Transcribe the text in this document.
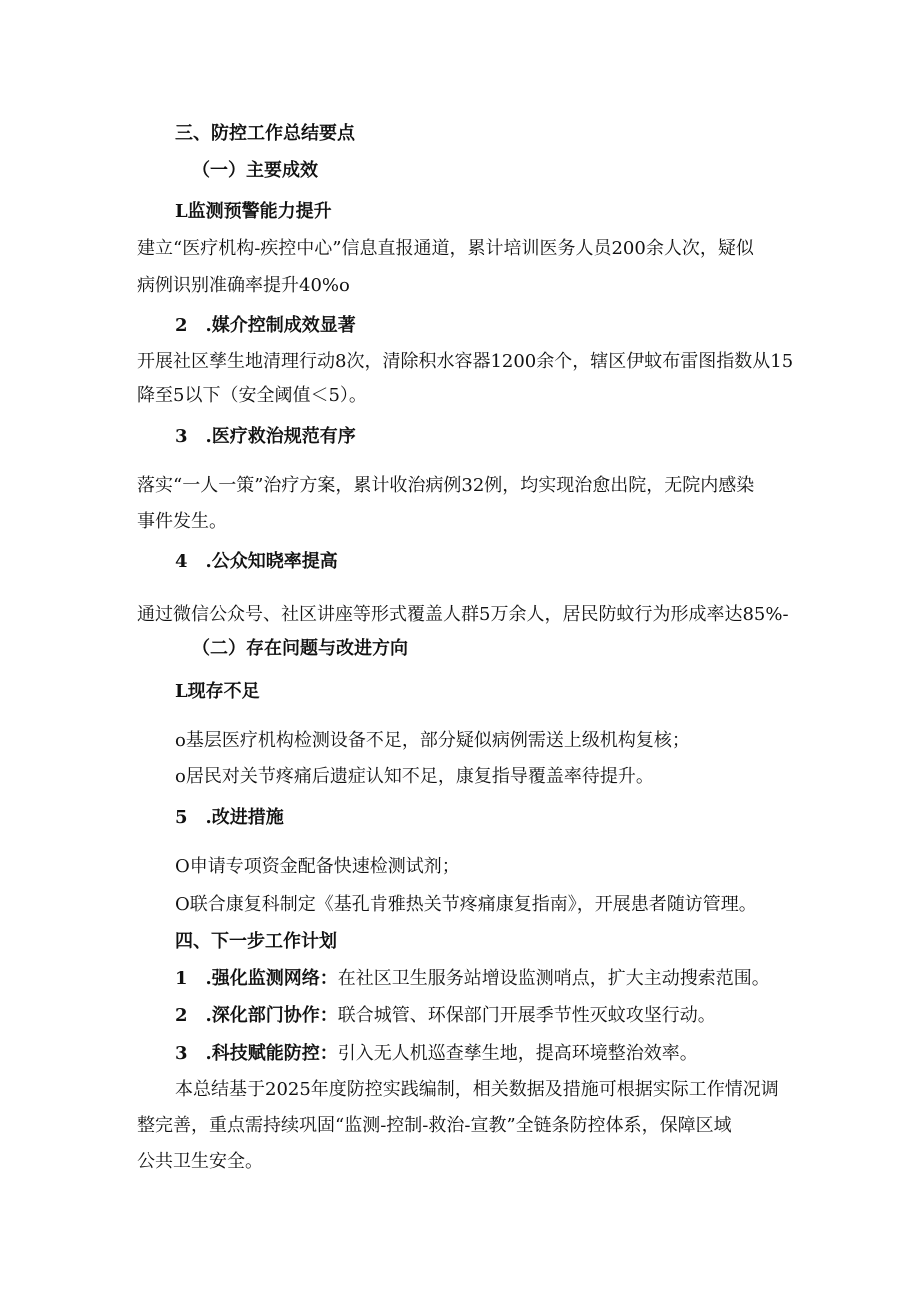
三、防控工作总结要点

（一）主要成效

L监测预警能力提升

建立“医疗机构-疾控中心”信息直报通道，累计培训医务人员200余人次，疑似

病例识别准确率提升40%o

2　.媒介控制成效显著

开展社区孳生地清理行动8次，清除积水容器1200余个，辖区伊蚊布雷图指数从15

降至5以下（安全阈值＜5）。

3　.医疗救治规范有序

落实“一人一策”治疗方案，累计收治病例32例，均实现治愈出院，无院内感染

事件发生。

4　.公众知晓率提高

通过微信公众号、社区讲座等形式覆盖人群5万余人，居民防蚊行为形成率达85%-

（二）存在问题与改进方向

L现存不足

o基层医疗机构检测设备不足，部分疑似病例需送上级机构复核；

o居民对关节疼痛后遗症认知不足，康复指导覆盖率待提升。

5　.改进措施

O申请专项资金配备快速检测试剂；

O联合康复科制定《基孔肯雅热关节疼痛康复指南》，开展患者随访管理。

四、下一步工作计划

1　.强化监测网络：在社区卫生服务站增设监测哨点，扩大主动搜索范围。

2　.深化部门协作：联合城管、环保部门开展季节性灭蚊攻坚行动。

3　.科技赋能防控：引入无人机巡查孳生地，提高环境整治效率。

本总结基于2025年度防控实践编制，相关数据及措施可根据实际工作情况调

整完善，重点需持续巩固“监测-控制-救治-宣教”全链条防控体系，保障区域

公共卫生安全。
